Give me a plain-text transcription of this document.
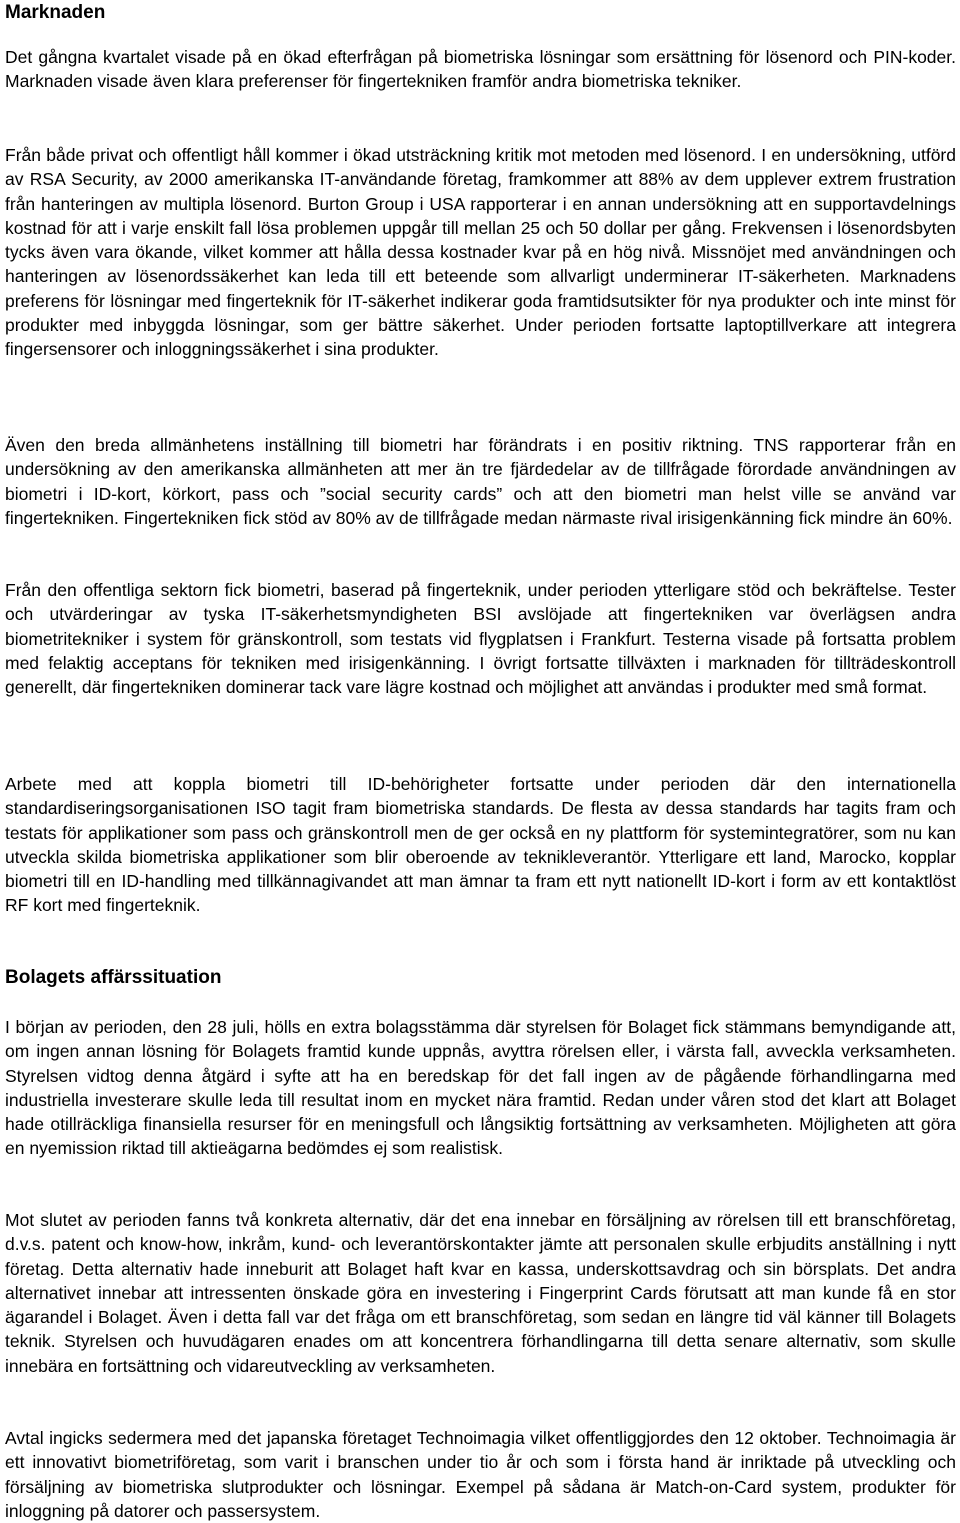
Marknaden

Det gångna kvartalet visade på en ökad efterfrågan på biometriska lösningar som ersättning för lösenord och PIN-koder. Marknaden visade även klara preferenser för fingertekniken framför andra biometriska tekniker.

Från både privat och offentligt håll kommer i ökad utsträckning kritik mot metoden med lösenord. I en undersökning, utförd av RSA Security, av 2000 amerikanska IT-användande företag, framkommer att 88% av dem upplever extrem frustration från hanteringen av multipla lösenord. Burton Group i USA rapporterar i en annan undersökning att en supportavdelnings kostnad för att i varje enskilt fall lösa problemen uppgår till mellan 25 och 50 dollar per gång. Frekvensen i lösenordsbyten tycks även vara ökande, vilket kommer att hålla dessa kostnader kvar på en hög nivå. Missnöjet med användningen och hanteringen av lösenordssäkerhet kan leda till ett beteende som allvarligt underminerar IT-säkerheten. Marknadens preferens för lösningar med fingerteknik för IT-säkerhet indikerar goda framtidsutsikter för nya produkter och inte minst för produkter med inbyggda lösningar, som ger bättre säkerhet. Under perioden fortsatte laptoptillverkare att integrera fingersensorer och inloggningssäkerhet i sina produkter.

Även den breda allmänhetens inställning till biometri har förändrats i en positiv riktning. TNS rapporterar från en undersökning av den amerikanska allmänheten att mer än tre fjärdedelar av de tillfrågade förordade användningen av biometri i ID-kort, körkort, pass och ”social security cards” och att den biometri man helst ville se använd var fingertekniken. Fingertekniken fick stöd av 80% av de tillfrågade medan närmaste rival irisigenkänning fick mindre än 60%.

Från den offentliga sektorn fick biometri, baserad på fingerteknik, under perioden ytterligare stöd och bekräftelse. Tester och utvärderingar av tyska IT-säkerhetsmyndigheten BSI avslöjade att fingertekniken var överlägsen andra biometritekniker i system för gränskontroll, som testats vid flygplatsen i Frankfurt. Testerna visade på fortsatta problem med felaktig acceptans för tekniken med irisigenkänning. I övrigt fortsatte tillväxten i marknaden för tillträdeskontroll generellt, där fingertekniken dominerar tack vare lägre kostnad och möjlighet att användas i produkter med små format.

Arbete med att koppla biometri till ID-behörigheter fortsatte under perioden där den internationella standardiseringsorganisationen ISO tagit fram biometriska standards. De flesta av dessa standards har tagits fram och testats för applikationer som pass och gränskontroll men de ger också en ny plattform för systemintegratörer, som nu kan utveckla skilda biometriska applikationer som blir oberoende av teknikleverantör. Ytterligare ett land, Marocko, kopplar biometri till en ID-handling med tillkännagivandet att man ämnar ta fram ett nytt nationellt ID-kort i form av ett kontaktlöst RF kort med fingerteknik.

Bolagets affärssituation

I början av perioden, den 28 juli, hölls en extra bolagsstämma där styrelsen för Bolaget fick stämmans bemyndigande att, om ingen annan lösning för Bolagets framtid kunde uppnås, avyttra rörelsen eller, i värsta fall, avveckla verksamheten. Styrelsen vidtog denna åtgärd i syfte att ha en beredskap för det fall ingen av de pågående förhandlingarna med industriella investerare skulle leda till resultat inom en mycket nära framtid. Redan under våren stod det klart att Bolaget hade otillräckliga finansiella resurser för en meningsfull och långsiktig fortsättning av verksamheten. Möjligheten att göra en nyemission riktad till aktieägarna bedömdes ej som realistisk.

Mot slutet av perioden fanns två konkreta alternativ, där det ena innebar en försäljning av rörelsen till ett branschföretag, d.v.s. patent och know-how, inkråm, kund- och leverantörskontakter jämte att personalen skulle erbjudits anställning i nytt företag. Detta alternativ hade inneburit att Bolaget haft kvar en kassa, underskottsavdrag och sin börsplats. Det andra alternativet innebar att intressenten önskade göra en investering i Fingerprint Cards förutsatt att man kunde få en stor ägarandel i Bolaget. Även i detta fall var det fråga om ett branschföretag, som sedan en längre tid väl känner till Bolagets teknik. Styrelsen och huvudägaren enades om att koncentrera förhandlingarna till detta senare alternativ, som skulle innebära en fortsättning och vidareutveckling av verksamheten.

Avtal ingicks sedermera med det japanska företaget Technoimagia vilket offentliggjordes den 12 oktober. Technoimagia är ett innovativt biometriföretag, som varit i branschen under tio år och som i första hand är inriktade på utveckling och försäljning av biometriska slutprodukter och lösningar. Exempel på sådana är Match-on-Card system, produkter för inloggning på datorer och passersystem.
